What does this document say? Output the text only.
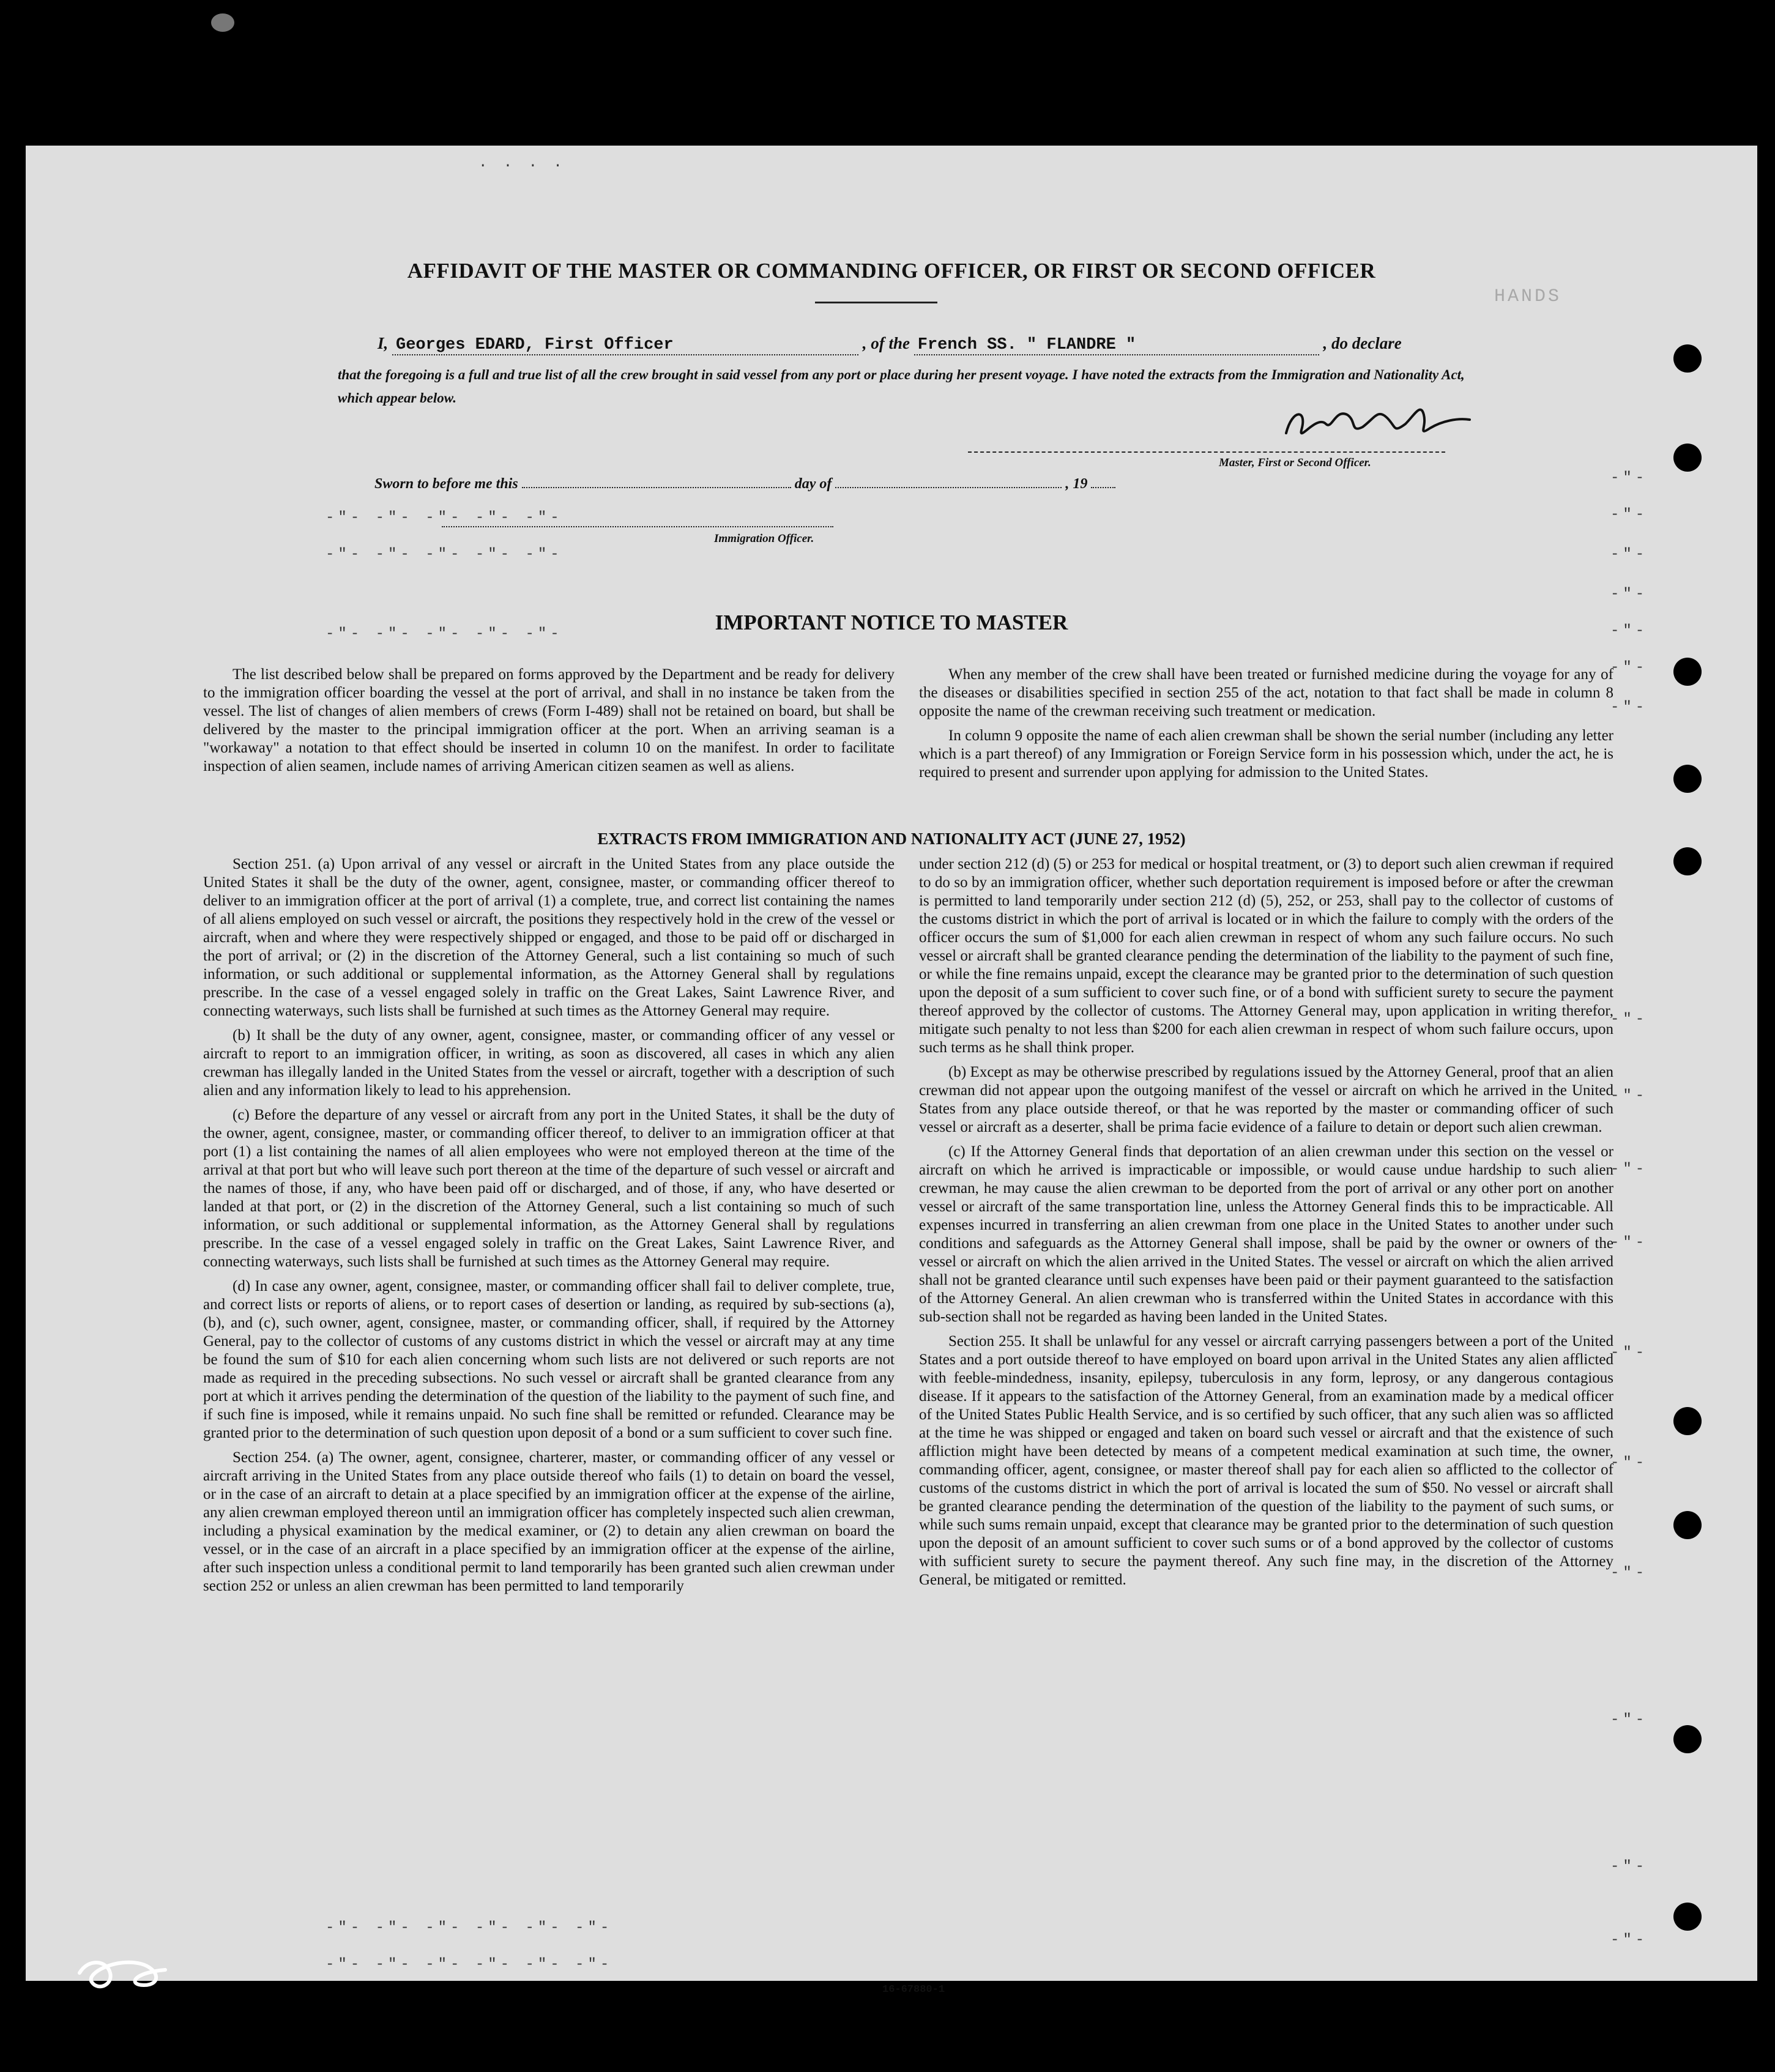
· · · ·
HANDS
-"-
-"-
-"-
-"-
-"-
-"-
-"-
-"-
-"-
-"-
-"-
-"-
-"-
-"-
-"-
-"-
-"-
-"- -"- -"- -"- -"-
-"- -"- -"- -"- -"-
-"- -"- -"- -"- -"-
-"- -"- -"- -"- -"- -"-
-"- -"- -"- -"- -"- -"-
AFFIDAVIT OF THE MASTER OR COMMANDING OFFICER, OR FIRST OR SECOND OFFICER
I, Georges EDARD, First Officer	, of the French SS. " FLANDRE "	, do declare
that the foregoing is a full and true list of all the crew brought in said vessel from any port or place during her present voyage. I have noted the extracts from the Immigration and Nationality Act, which appear below.
Master, First or Second Officer.
Sworn to before me this	day of	, 19
Immigration Officer.
IMPORTANT NOTICE TO MASTER

The list described below shall be prepared on forms approved by the Department and be ready for delivery to the immigration officer boarding the vessel at the port of arrival, and shall in no instance be taken from the vessel. The list of changes of alien members of crews (Form I-489) shall not be retained on board, but shall be delivered by the master to the principal immigration officer at the port. When an arriving seaman is a "workaway" a notation to that effect should be inserted in column 10 on the manifest. In order to facilitate inspection of alien seamen, include names of arriving American citizen seamen as well as aliens.

When any member of the crew shall have been treated or furnished medicine during the voyage for any of the diseases or disabilities specified in section 255 of the act, notation to that fact shall be made in column 8 opposite the name of the crewman receiving such treatment or medication.

In column 9 opposite the name of each alien crewman shall be shown the serial number (including any letter which is a part thereof) of any Immigration or Foreign Service form in his possession which, under the act, he is required to present and surrender upon applying for admission to the United States.

EXTRACTS FROM IMMIGRATION AND NATIONALITY ACT (JUNE 27, 1952)

Section 251. (a) Upon arrival of any vessel or aircraft in the United States from any place outside the United States it shall be the duty of the owner, agent, consignee, master, or commanding officer thereof to deliver to an immigration officer at the port of arrival (1) a complete, true, and correct list containing the names of all aliens employed on such vessel or aircraft, the positions they respectively hold in the crew of the vessel or aircraft, when and where they were respectively shipped or engaged, and those to be paid off or discharged in the port of arrival; or (2) in the discretion of the Attorney General, such a list containing so much of such information, or such additional or supplemental information, as the Attorney General shall by regulations prescribe. In the case of a vessel engaged solely in traffic on the Great Lakes, Saint Lawrence River, and connecting waterways, such lists shall be furnished at such times as the Attorney General may require.

(b) It shall be the duty of any owner, agent, consignee, master, or commanding officer of any vessel or aircraft to report to an immigration officer, in writing, as soon as discovered, all cases in which any alien crewman has illegally landed in the United States from the vessel or aircraft, together with a description of such alien and any information likely to lead to his apprehension.

(c) Before the departure of any vessel or aircraft from any port in the United States, it shall be the duty of the owner, agent, consignee, master, or commanding officer thereof, to deliver to an immigration officer at that port (1) a list containing the names of all alien employees who were not employed thereon at the time of the arrival at that port but who will leave such port thereon at the time of the departure of such vessel or aircraft and the names of those, if any, who have been paid off or discharged, and of those, if any, who have deserted or landed at that port, or (2) in the discretion of the Attorney General, such a list containing so much of such information, or such additional or supplemental information, as the Attorney General shall by regulations prescribe. In the case of a vessel engaged solely in traffic on the Great Lakes, Saint Lawrence River, and connecting waterways, such lists shall be furnished at such times as the Attorney General may require.

(d) In case any owner, agent, consignee, master, or commanding officer shall fail to deliver complete, true, and correct lists or reports of aliens, or to report cases of desertion or landing, as required by sub-sections (a), (b), and (c), such owner, agent, consignee, master, or commanding officer, shall, if required by the Attorney General, pay to the collector of customs of any customs district in which the vessel or aircraft may at any time be found the sum of $10 for each alien concerning whom such lists are not delivered or such reports are not made as required in the preceding subsections. No such vessel or aircraft shall be granted clearance from any port at which it arrives pending the determination of the question of the liability to the payment of such fine, and if such fine is imposed, while it remains unpaid. No such fine shall be remitted or refunded. Clearance may be granted prior to the determination of such question upon deposit of a bond or a sum sufficient to cover such fine.

Section 254. (a) The owner, agent, consignee, charterer, master, or commanding officer of any vessel or aircraft arriving in the United States from any place outside thereof who fails (1) to detain on board the vessel, or in the case of an aircraft to detain at a place specified by an immigration officer at the expense of the airline, any alien crewman employed thereon until an immigration officer has completely inspected such alien crewman, including a physical examination by the medical examiner, or (2) to detain any alien crewman on board the vessel, or in the case of an aircraft in a place specified by an immigration officer at the expense of the airline, after such inspection unless a conditional permit to land temporarily has been granted such alien crewman under section 252 or unless an alien crewman has been permitted to land temporarily

under section 212 (d) (5) or 253 for medical or hospital treatment, or (3) to deport such alien crewman if required to do so by an immigration officer, whether such deportation requirement is imposed before or after the crewman is permitted to land temporarily under section 212 (d) (5), 252, or 253, shall pay to the collector of customs of the customs district in which the port of arrival is located or in which the failure to comply with the orders of the officer occurs the sum of $1,000 for each alien crewman in respect of whom any such failure occurs. No such vessel or aircraft shall be granted clearance pending the determination of the liability to the payment of such fine, or while the fine remains unpaid, except the clearance may be granted prior to the determination of such question upon the deposit of a sum sufficient to cover such fine, or of a bond with sufficient surety to secure the payment thereof approved by the collector of customs. The Attorney General may, upon application in writing therefor, mitigate such penalty to not less than $200 for each alien crewman in respect of whom such failure occurs, upon such terms as he shall think proper.

(b) Except as may be otherwise prescribed by regulations issued by the Attorney General, proof that an alien crewman did not appear upon the outgoing manifest of the vessel or aircraft on which he arrived in the United States from any place outside thereof, or that he was reported by the master or commanding officer of such vessel or aircraft as a deserter, shall be prima facie evidence of a failure to detain or deport such alien crewman.

(c) If the Attorney General finds that deportation of an alien crewman under this section on the vessel or aircraft on which he arrived is impracticable or impossible, or would cause undue hardship to such alien crewman, he may cause the alien crewman to be deported from the port of arrival or any other port on another vessel or aircraft of the same transportation line, unless the Attorney General finds this to be impracticable. All expenses incurred in transferring an alien crewman from one place in the United States to another under such conditions and safeguards as the Attorney General shall impose, shall be paid by the owner or owners of the vessel or aircraft on which the alien arrived in the United States. The vessel or aircraft on which the alien arrived shall not be granted clearance until such expenses have been paid or their payment guaranteed to the satisfaction of the Attorney General. An alien crewman who is transferred within the United States in accordance with this sub-section shall not be regarded as having been landed in the United States.

Section 255. It shall be unlawful for any vessel or aircraft carrying passengers between a port of the United States and a port outside thereof to have employed on board upon arrival in the United States any alien afflicted with feeble-mindedness, insanity, epilepsy, tuberculosis in any form, leprosy, or any dangerous contagious disease. If it appears to the satisfaction of the Attorney General, from an examination made by a medical officer of the United States Public Health Service, and is so certified by such officer, that any such alien was so afflicted at the time he was shipped or engaged and taken on board such vessel or aircraft and that the existence of such affliction might have been detected by means of a competent medical examination at such time, the owner, commanding officer, agent, consignee, or master thereof shall pay for each alien so afflicted to the collector of customs of the customs district in which the port of arrival is located the sum of $50. No vessel or aircraft shall be granted clearance pending the determination of the question of the liability to the payment of such sums, or while such sums remain unpaid, except that clearance may be granted prior to the determination of such question upon the deposit of an amount sufficient to cover such sums or of a bond approved by the collector of customs with sufficient surety to secure the payment thereof. Any such fine may, in the discretion of the Attorney General, be mitigated or remitted.

16-67880-1
